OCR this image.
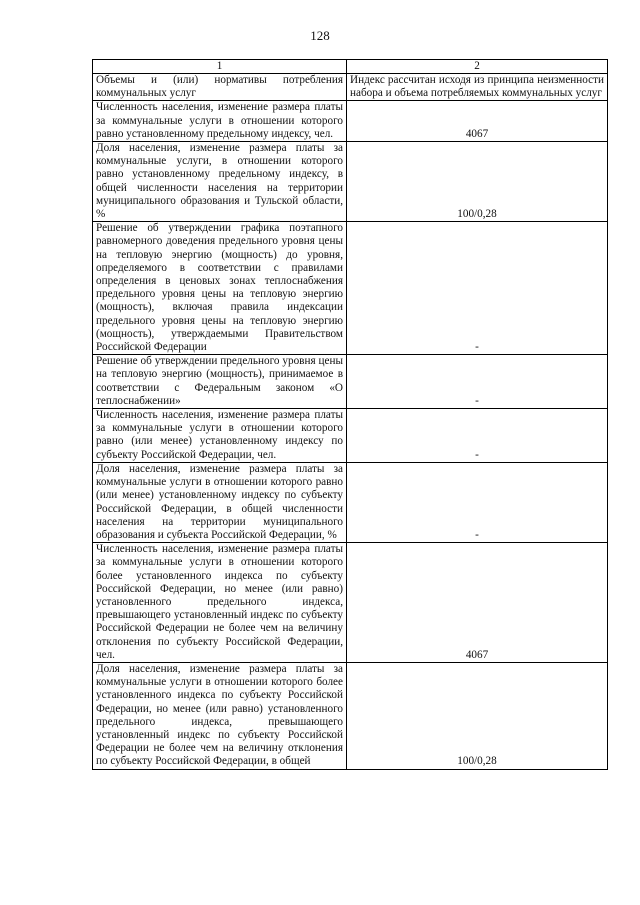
128
1	2
Объемы и (или) нормативы потребления коммунальных услуг	Индекс рассчитан исходя из принципа неизменности набора и объема потребляемых коммунальных услуг
Численность населения, изменение размера платы за коммунальные услуги в отношении которого равно установленному предельному индексу, чел.	4067
Доля населения, изменение размера платы за коммунальные услуги, в отношении которого равно установленному предельному индексу, в общей численности населения на территории муниципального образования и Тульской области, %	100/0,28
Решение об утверждении графика поэтапного равномерного доведения предельного уровня цены на тепловую энергию (мощность) до уровня, определяемого в соответствии с правилами определения в ценовых зонах теплоснабжения предельного уровня цены на тепловую энергию (мощность), включая правила индексации предельного уровня цены на тепловую энергию (мощность), утверждаемыми Правительством Российской Федерации	-
Решение об утверждении предельного уровня цены на тепловую энергию (мощность), принимаемое в соответствии с Федеральным законом «О теплоснабжении»	-
Численность населения, изменение размера платы за коммунальные услуги в отношении которого равно (или менее) установленному индексу по субъекту Российской Федерации, чел.	-
Доля населения, изменение размера платы за коммунальные услуги в отношении которого равно (или менее) установленному индексу по субъекту Российской Федерации, в общей численности населения на территории муниципального образования и субъекта Российской Федерации, %	-
Численность населения, изменение размера платы за коммунальные услуги в отношении которого более установленного индекса по субъекту Российской Федерации, но менее (или равно) установленного предельного индекса, превышающего установленный индекс по субъекту Российской Федерации не более чем на величину отклонения по субъекту Российской Федерации, чел.	4067
Доля населения, изменение размера платы за коммунальные услуги в отношении которого более установленного индекса по субъекту Российской Федерации, но менее (или равно) установленного предельного индекса, превышающего установленный индекс по субъекту Российской Федерации не более чем на величину отклонения по субъекту Российской Федерации, в общей	100/0,28
